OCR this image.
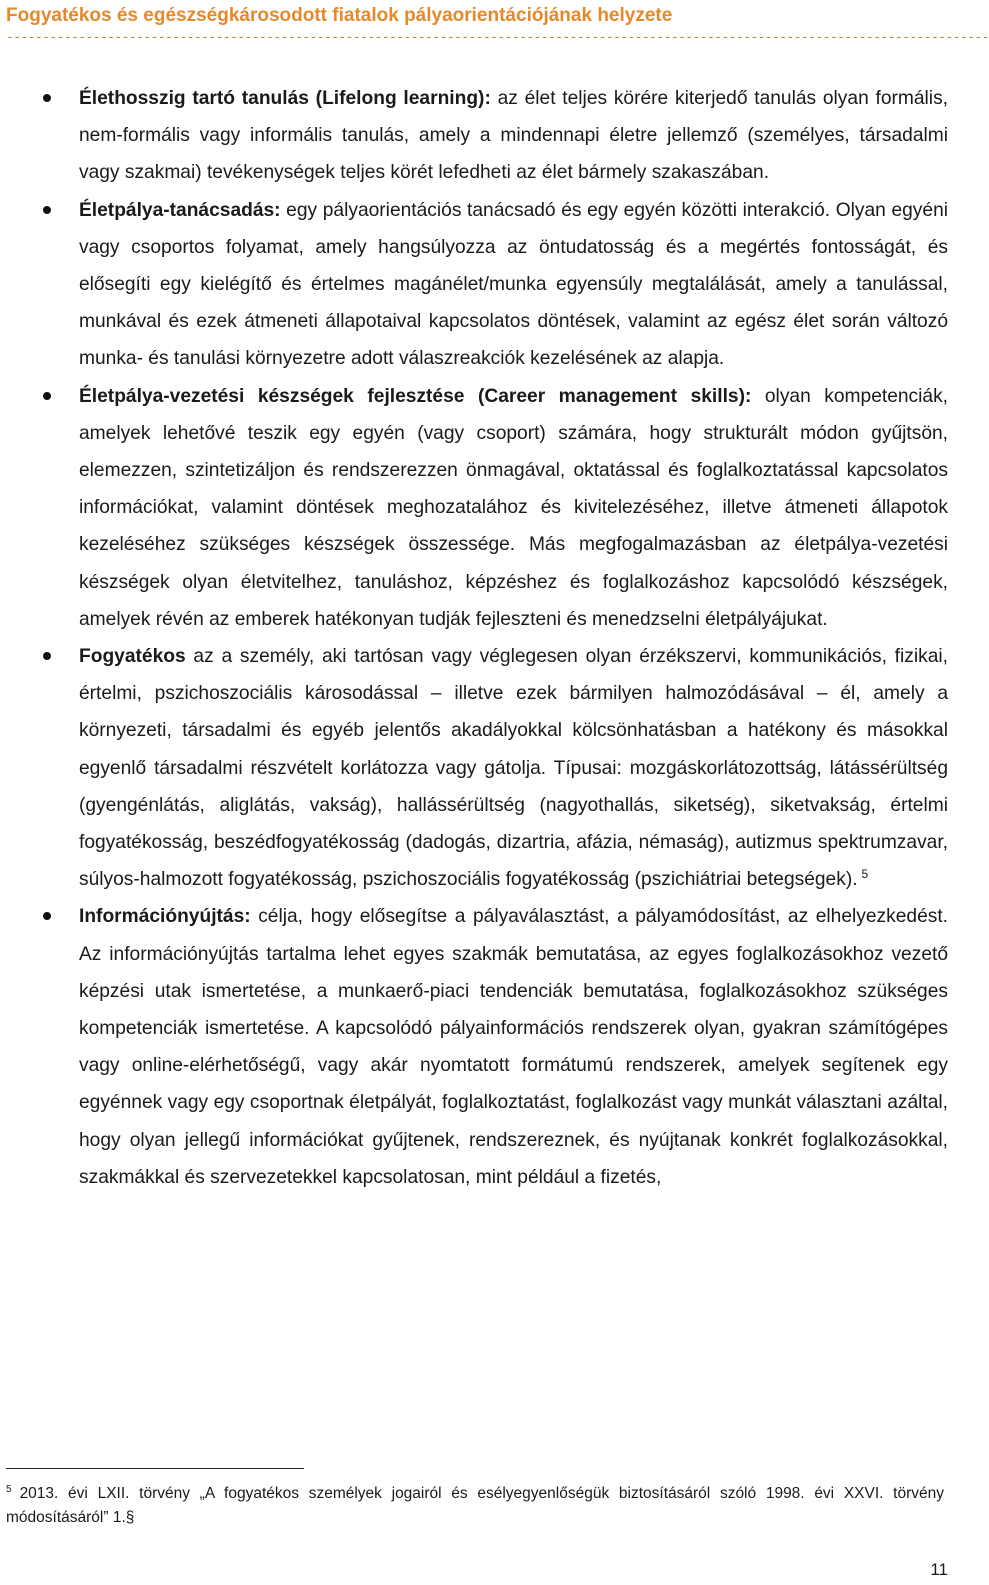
Fogyatékos és egészségkárosodott fiatalok pályaorientációjának helyzete
----------------------------------------------------------------------------------------------------------------------------------------
Élethosszig tartó tanulás (Lifelong learning): az élet teljes körére kiterjedő tanulás olyan formális, nem-formális vagy informális tanulás, amely a mindennapi életre jellemző (személyes, társadalmi vagy szakmai) tevékenységek teljes körét lefedheti az élet bármely szakaszában.
Életpálya-tanácsadás: egy pályaorientációs tanácsadó és egy egyén közötti interakció. Olyan egyéni vagy csoportos folyamat, amely hangsúlyozza az öntudatosság és a megértés fontosságát, és elősegíti egy kielégítő és értelmes magánélet/munka egyensúly megtalálását, amely a tanulással, munkával és ezek átmeneti állapotaival kapcsolatos döntések, valamint az egész élet során változó munka- és tanulási környezetre adott válaszreakciók kezelésének az alapja.
Életpálya-vezetési készségek fejlesztése (Career management skills): olyan kompetenciák, amelyek lehetővé teszik egy egyén (vagy csoport) számára, hogy strukturált módon gyűjtsön, elemezzen, szintetizáljon és rendszerezzen önmagával, oktatással és foglalkoztatással kapcsolatos információkat, valamint döntések meghozatalához és kivitelezéséhez, illetve átmeneti állapotok kezeléséhez szükséges készségek összessége. Más megfogalmazásban az életpálya-vezetési készségek olyan életvitelhez, tanuláshoz, képzéshez és foglalkozáshoz kapcsolódó készségek, amelyek révén az emberek hatékonyan tudják fejleszteni és menedzselni életpályájukat.
Fogyatékos az a személy, aki tartósan vagy véglegesen olyan érzékszervi, kommunikációs, fizikai, értelmi, pszichoszociális károsodással – illetve ezek bármilyen halmozódásával – él, amely a környezeti, társadalmi és egyéb jelentős akadályokkal kölcsönhatásban a hatékony és másokkal egyenlő társadalmi részvételt korlátozza vagy gátolja. Típusai: mozgáskorlátozottság, látássérültség (gyengénlátás, aliglátás, vakság), hallássérültség (nagyothallás, siketség), siketvakság, értelmi fogyatékosság, beszédfogyatékosság (dadogás, dizartria, afázia, némaság), autizmus spektrumzavar, súlyos-halmozott fogyatékosság, pszichoszociális fogyatékosság (pszichiátriai betegségek). $^5$
Információnyújtás: célja, hogy elősegítse a pályaválasztást, a pályamódosítást, az elhelyezkedést. Az információnyújtás tartalma lehet egyes szakmák bemutatása, az egyes foglalkozásokhoz vezető képzési utak ismertetése, a munkaerő-piaci tendenciák bemutatása, foglalkozásokhoz szükséges kompetenciák ismertetése. A kapcsolódó pályainformációs rendszerek olyan, gyakran számítógépes vagy online-elérhetőségű, vagy akár nyomtatott formátumú rendszerek, amelyek segítenek egy egyénnek vagy egy csoportnak életpályát, foglalkoztatást, foglalkozást vagy munkát választani azáltal, hogy olyan jellegű információkat gyűjtenek, rendszereznek, és nyújtanak konkrét foglalkozásokkal, szakmákkal és szervezetekkel kapcsolatosan, mint például a fizetés,
$^5$ 2013. évi LXII. törvény „A fogyatékos személyek jogairól és esélyegyenlőségük biztosításáról szóló 1998. évi XXVI. törvény módosításáról” 1.§
11
